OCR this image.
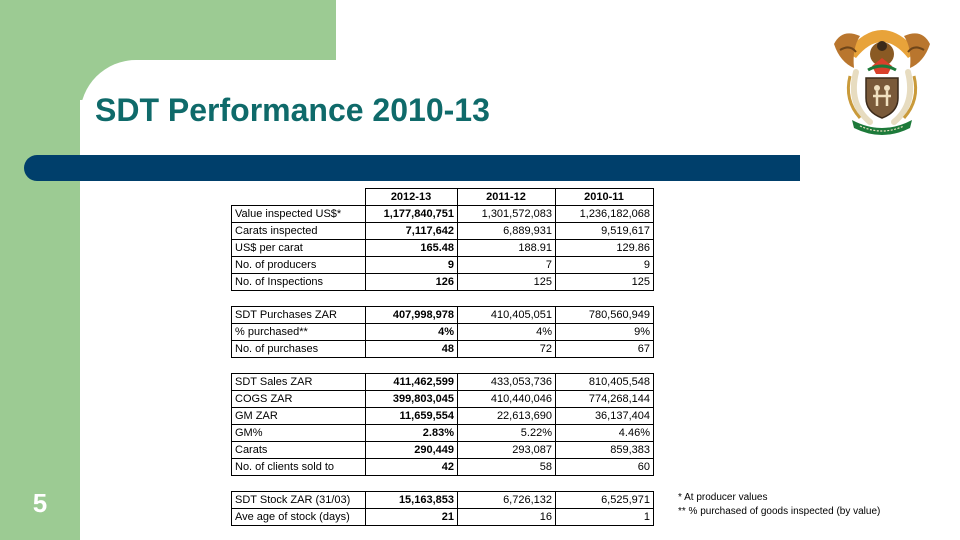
SDT Performance 2010-13
5
	2012-13	2011-12	2010-11
Value inspected US$*	1,177,840,751	1,301,572,083	1,236,182,068
Carats inspected	7,117,642	6,889,931	9,519,617
US$ per carat	165.48	188.91	129.86
No. of producers	9	7	9
No. of Inspections	126	125	125
SDT Purchases ZAR	407,998,978	410,405,051	780,560,949
% purchased**	4%	4%	9%
No. of purchases	48	72	67
SDT Sales ZAR	411,462,599	433,053,736	810,405,548
COGS ZAR	399,803,045	410,440,046	774,268,144
GM ZAR	11,659,554	22,613,690	36,137,404
GM%	2.83%	5.22%	4.46%
Carats	290,449	293,087	859,383
No. of clients sold to	42	58	60
SDT Stock ZAR (31/03)	15,163,853	6,726,132	6,525,971
Ave age of stock (days)	21	16	1
* At producer values
** % purchased of goods inspected (by value)
